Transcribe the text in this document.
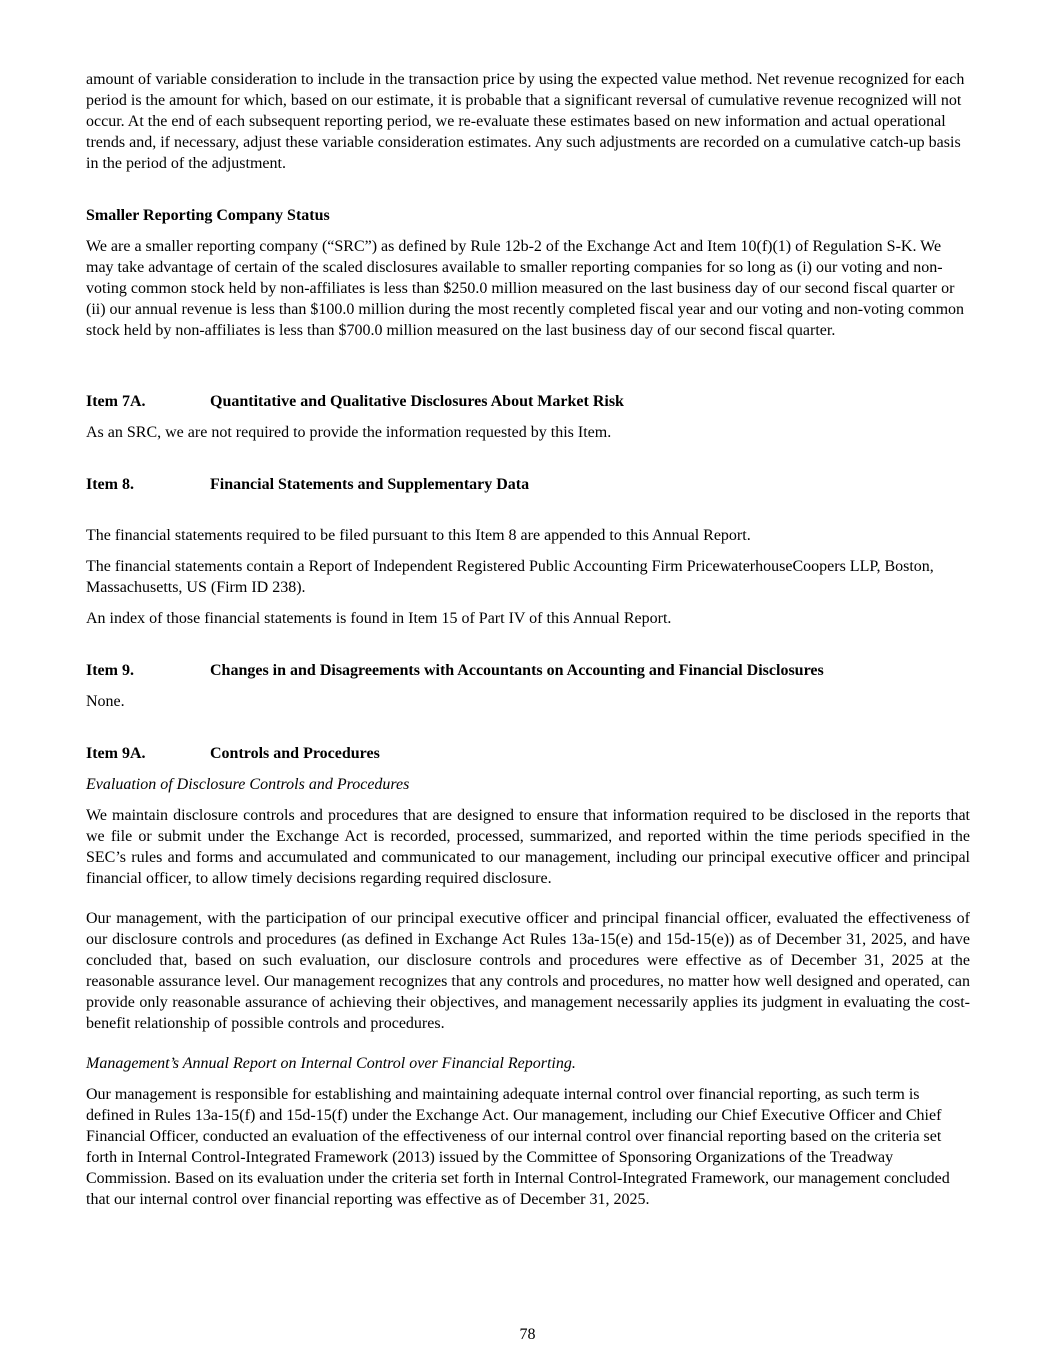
amount of variable consideration to include in the transaction price by using the expected value method. Net revenue recognized for each period is the amount for which, based on our estimate, it is probable that a significant reversal of cumulative revenue recognized will not occur. At the end of each subsequent reporting period, we re-evaluate these estimates based on new information and actual operational trends and, if necessary, adjust these variable consideration estimates. Any such adjustments are recorded on a cumulative catch-up basis in the period of the adjustment.

Smaller Reporting Company Status

We are a smaller reporting company (“SRC”) as defined by Rule 12b-2 of the Exchange Act and Item 10(f)(1) of Regulation S-K. We may take advantage of certain of the scaled disclosures available to smaller reporting companies for so long as (i) our voting and non-voting common stock held by non-affiliates is less than $250.0 million measured on the last business day of our second fiscal quarter or (ii) our annual revenue is less than $100.0 million during the most recently completed fiscal year and our voting and non-voting common stock held by non-affiliates is less than $700.0 million measured on the last business day of our second fiscal quarter.

Item 7A.	Quantitative and Qualitative Disclosures About Market Risk

As an SRC, we are not required to provide the information requested by this Item.

Item 8.	Financial Statements and Supplementary Data

The financial statements required to be filed pursuant to this Item 8 are appended to this Annual Report.

The financial statements contain a Report of Independent Registered Public Accounting Firm PricewaterhouseCoopers LLP, Boston, Massachusetts, US (Firm ID 238).

An index of those financial statements is found in Item 15 of Part IV of this Annual Report.

Item 9.	Changes in and Disagreements with Accountants on Accounting and Financial Disclosures

None.

Item 9A.	Controls and Procedures

Evaluation of Disclosure Controls and Procedures

We maintain disclosure controls and procedures that are designed to ensure that information required to be disclosed in the reports that we file or submit under the Exchange Act is recorded, processed, summarized, and reported within the time periods specified in the SEC’s rules and forms and accumulated and communicated to our management, including our principal executive officer and principal financial officer, to allow timely decisions regarding required disclosure.

Our management, with the participation of our principal executive officer and principal financial officer, evaluated the effectiveness of our disclosure controls and procedures (as defined in Exchange Act Rules 13a-15(e) and 15d-15(e)) as of December 31, 2025, and have concluded that, based on such evaluation, our disclosure controls and procedures were effective as of December 31, 2025 at the reasonable assurance level. Our management recognizes that any controls and procedures, no matter how well designed and operated, can provide only reasonable assurance of achieving their objectives, and management necessarily applies its judgment in evaluating the cost-benefit relationship of possible controls and procedures.

Management’s Annual Report on Internal Control over Financial Reporting.

Our management is responsible for establishing and maintaining adequate internal control over financial reporting, as such term is defined in Rules 13a-15(f) and 15d-15(f) under the Exchange Act. Our management, including our Chief Executive Officer and Chief Financial Officer, conducted an evaluation of the effectiveness of our internal control over financial reporting based on the criteria set forth in Internal Control-Integrated Framework (2013) issued by the Committee of Sponsoring Organizations of the Treadway Commission. Based on its evaluation under the criteria set forth in Internal Control-Integrated Framework, our management concluded that our internal control over financial reporting was effective as of December 31, 2025.

78
